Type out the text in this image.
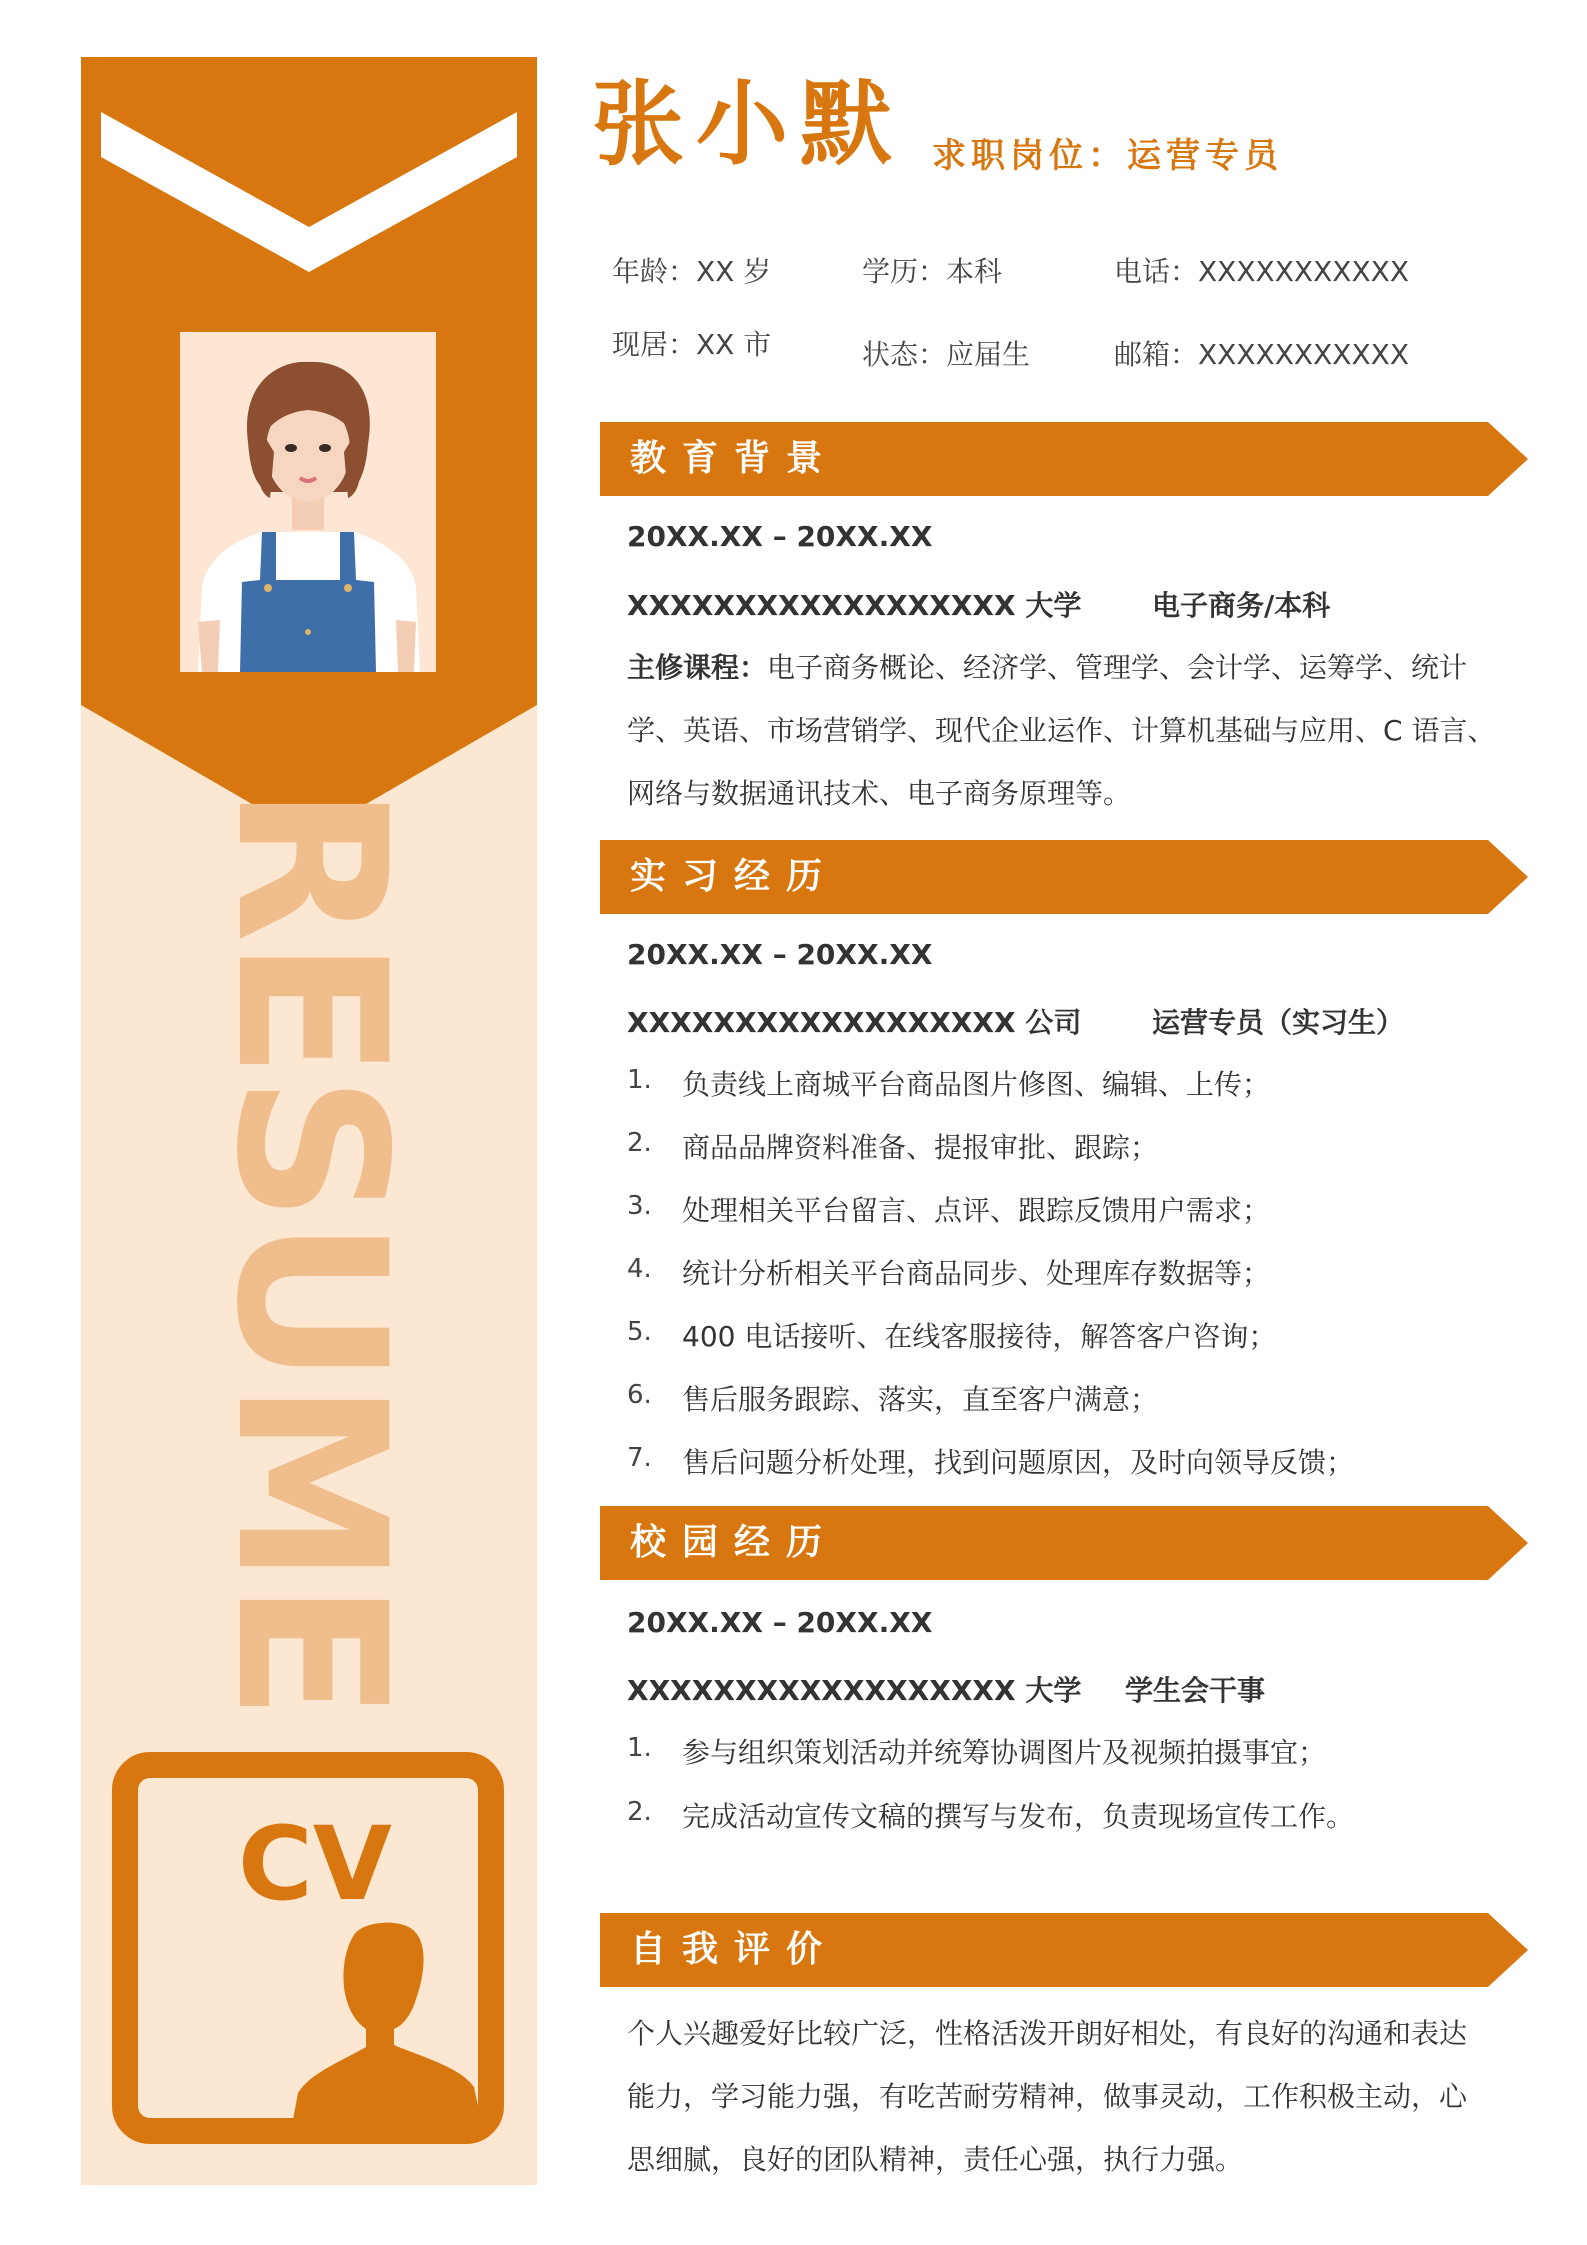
RESUME
CV
张小默 求职岗位：运营专员
年龄：XX 岁	学历：本科	电话：XXXXXXXXXXX
现居：XX 市	状态：应届生	邮箱：XXXXXXXXXXX
教育背景
20XX.XX – 20XX.XX
XXXXXXXXXXXXXXXXXX 大学	电子商务/本科
主修课程：电子商务概论、经济学、管理学、会计学、运筹学、统计
学、英语、市场营销学、现代企业运作、计算机基础与应用、C 语言、
网络与数据通讯技术、电子商务原理等。
实习经历
20XX.XX – 20XX.XX
XXXXXXXXXXXXXXXXXX 公司	运营专员（实习生）
1. 负责线上商城平台商品图片修图、编辑、上传；
2. 商品品牌资料准备、提报审批、跟踪；
3. 处理相关平台留言、点评、跟踪反馈用户需求；
4. 统计分析相关平台商品同步、处理库存数据等；
5. 400 电话接听、在线客服接待，解答客户咨询；
6. 售后服务跟踪、落实，直至客户满意；
7. 售后问题分析处理，找到问题原因，及时向领导反馈；
校园经历
20XX.XX – 20XX.XX
XXXXXXXXXXXXXXXXXX 大学 学生会干事
1. 参与组织策划活动并统筹协调图片及视频拍摄事宜；
2. 完成活动宣传文稿的撰写与发布，负责现场宣传工作。
自我评价
个人兴趣爱好比较广泛，性格活泼开朗好相处，有良好的沟通和表达
能力，学习能力强，有吃苦耐劳精神，做事灵动，工作积极主动，心
思细腻，良好的团队精神，责任心强，执行力强。
